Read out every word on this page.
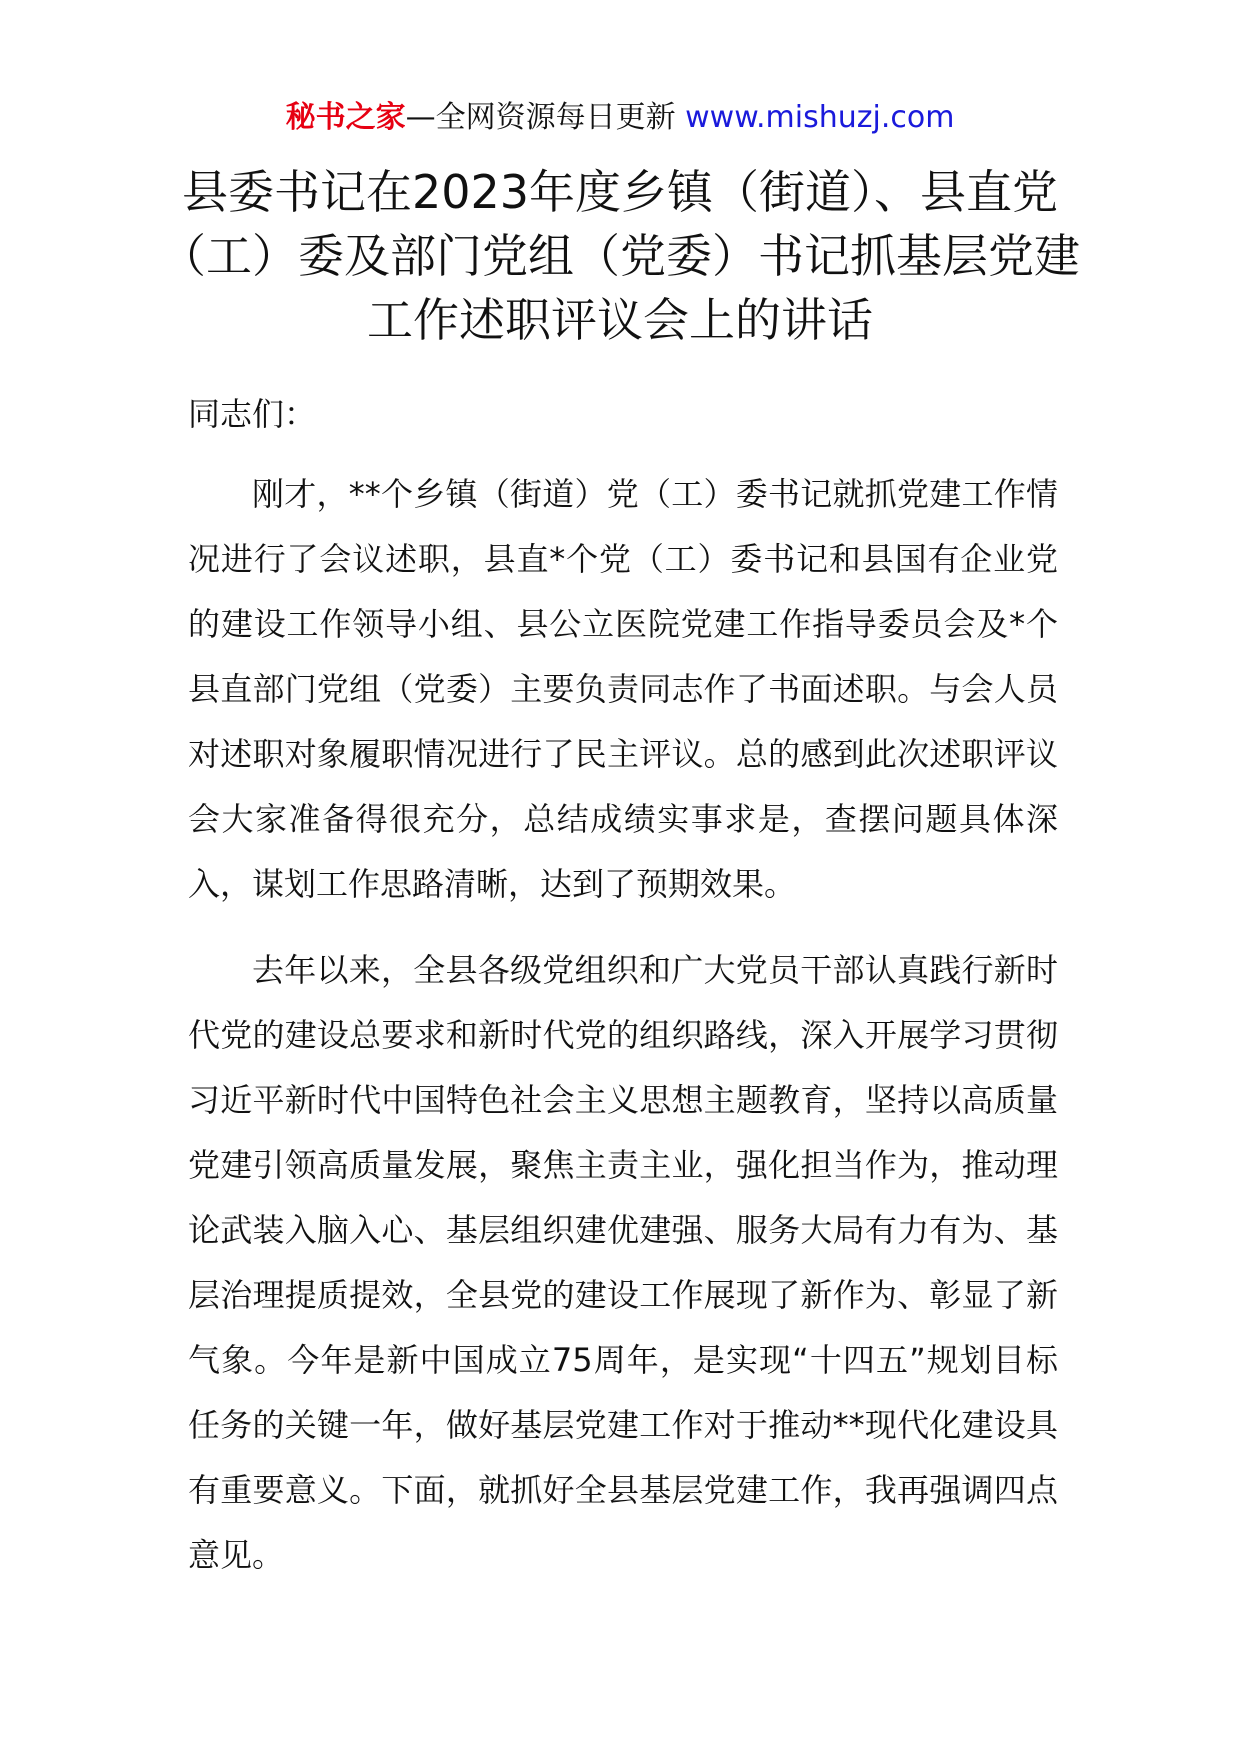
秘书之家—全网资源每日更新 www.mishuzj.com
县委书记在2023年度乡镇（街道）、县直党（工）委及部门党组（党委）书记抓基层党建工作述职评议会上的讲话

同志们：

刚才，**个乡镇（街道）党（工）委书记就抓党建工作情况进行了会议述职，县直*个党（工）委书记和县国有企业党的建设工作领导小组、县公立医院党建工作指导委员会及*个县直部门党组（党委）主要负责同志作了书面述职。与会人员对述职对象履职情况进行了民主评议。总的感到此次述职评议会大家准备得很充分，总结成绩实事求是，查摆问题具体深入，谋划工作思路清晰，达到了预期效果。

去年以来，全县各级党组织和广大党员干部认真践行新时代党的建设总要求和新时代党的组织路线，深入开展学习贯彻习近平新时代中国特色社会主义思想主题教育，坚持以高质量党建引领高质量发展，聚焦主责主业，强化担当作为，推动理论武装入脑入心、基层组织建优建强、服务大局有力有为、基层治理提质提效，全县党的建设工作展现了新作为、彰显了新气象。今年是新中国成立75周年，是实现“十四五”规划目标任务的关键一年，做好基层党建工作对于推动**现代化建设具有重要意义。下面，就抓好全县基层党建工作，我再强调四点意见。
